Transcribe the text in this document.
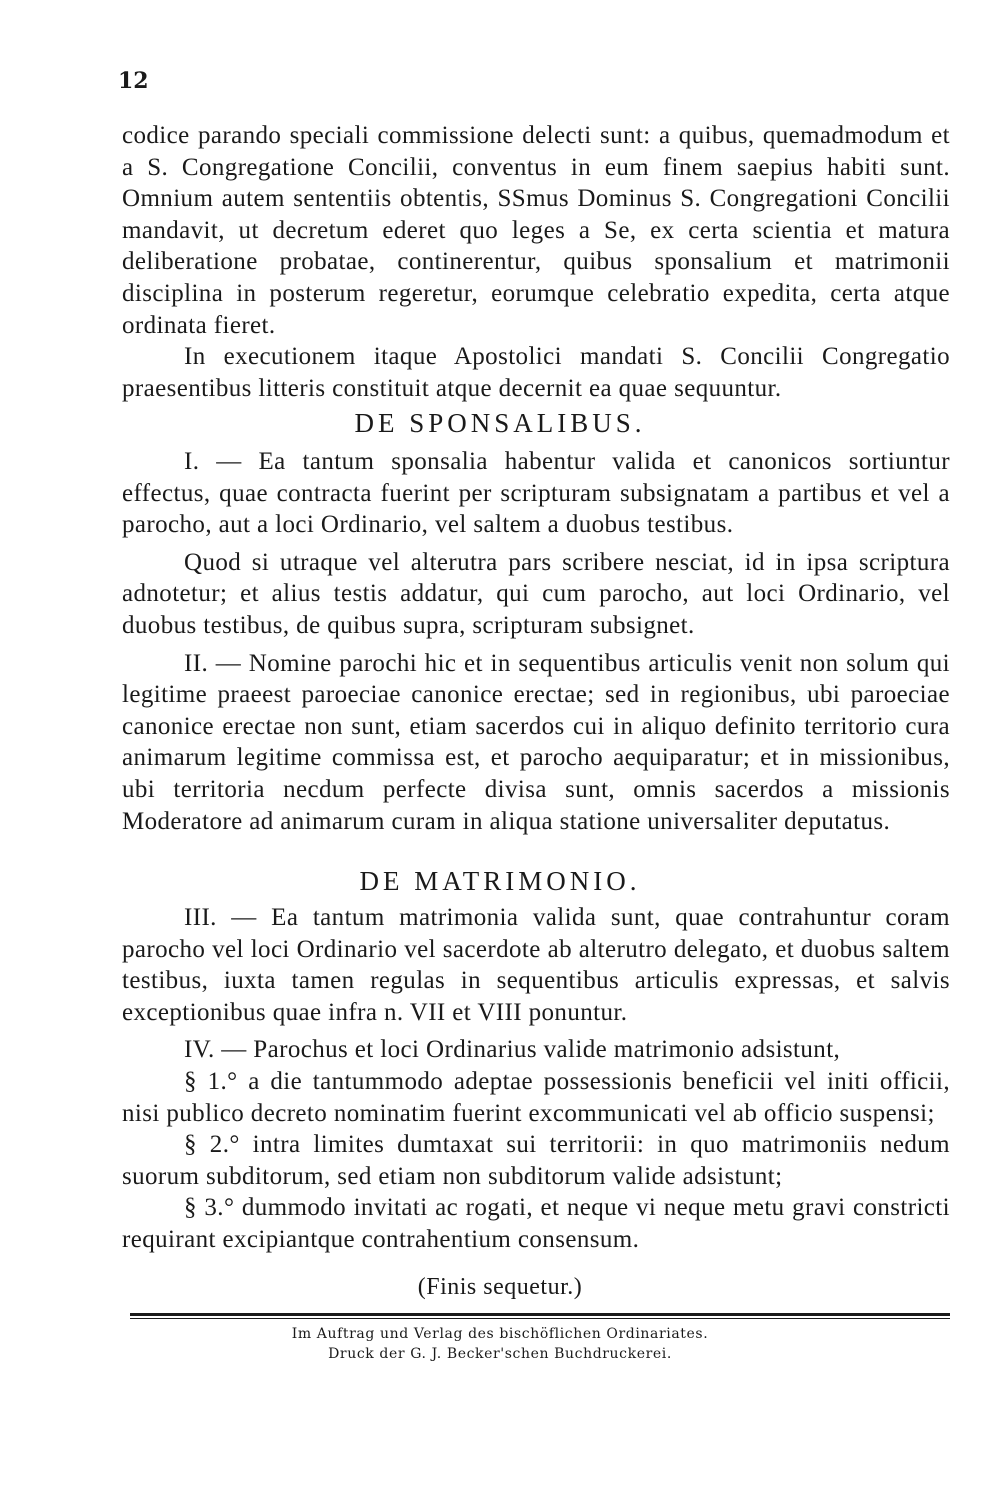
12

codice parando speciali commissione delecti sunt: a quibus, quemadmodum et a S. Congregatione Concilii, conventus in eum finem saepius habiti sunt. Omnium autem sententiis obtentis, SSmus Dominus S. Congregationi Concilii mandavit, ut decretum ederet quo leges a Se, ex certa scientia et matura deliberatione probatae, continerentur, quibus sponsalium et matrimonii disciplina in posterum regeretur, eorumque celebratio expedita, certa atque ordinata fieret.

In executionem itaque Apostolici mandati S. Concilii Congregatio praesentibus litteris constituit atque decernit ea quae sequuntur.

DE SPONSALIBUS.

I. — Ea tantum sponsalia habentur valida et canonicos sortiuntur effectus, quae contracta fuerint per scripturam subsignatam a partibus et vel a parocho, aut a loci Ordinario, vel saltem a duobus testibus.

Quod si utraque vel alterutra pars scribere nesciat, id in ipsa scriptura adnotetur; et alius testis addatur, qui cum parocho, aut loci Ordinario, vel duobus testibus, de quibus supra, scripturam subsignet.

II. — Nomine parochi hic et in sequentibus articulis venit non solum qui legitime praeest paroeciae canonice erectae; sed in regionibus, ubi paroeciae canonice erectae non sunt, etiam sacerdos cui in aliquo definito territorio cura animarum legitime commissa est, et parocho aequiparatur; et in missionibus, ubi territoria necdum perfecte divisa sunt, omnis sacerdos a missionis Moderatore ad animarum curam in aliqua statione universaliter deputatus.

DE MATRIMONIO.

III. — Ea tantum matrimonia valida sunt, quae contrahuntur coram parocho vel loci Ordinario vel sacerdote ab alterutro delegato, et duobus saltem testibus, iuxta tamen regulas in sequentibus articulis expressas, et salvis exceptionibus quae infra n. VII et VIII ponuntur.

IV. — Parochus et loci Ordinarius valide matrimonio adsistunt,

§ 1.° a die tantummodo adeptae possessionis beneficii vel initi officii, nisi publico decreto nominatim fuerint excommunicati vel ab officio suspensi;

§ 2.° intra limites dumtaxat sui territorii: in quo matrimoniis nedum suorum subditorum, sed etiam non subditorum valide adsistunt;

§ 3.° dummodo invitati ac rogati, et neque vi neque metu gravi constricti requirant excipiantque contrahentium consensum.

(Finis sequetur.)
Im Auftrag und Verlag des bischöflichen Ordinariates.
Druck der G. J. Becker'schen Buchdruckerei.
